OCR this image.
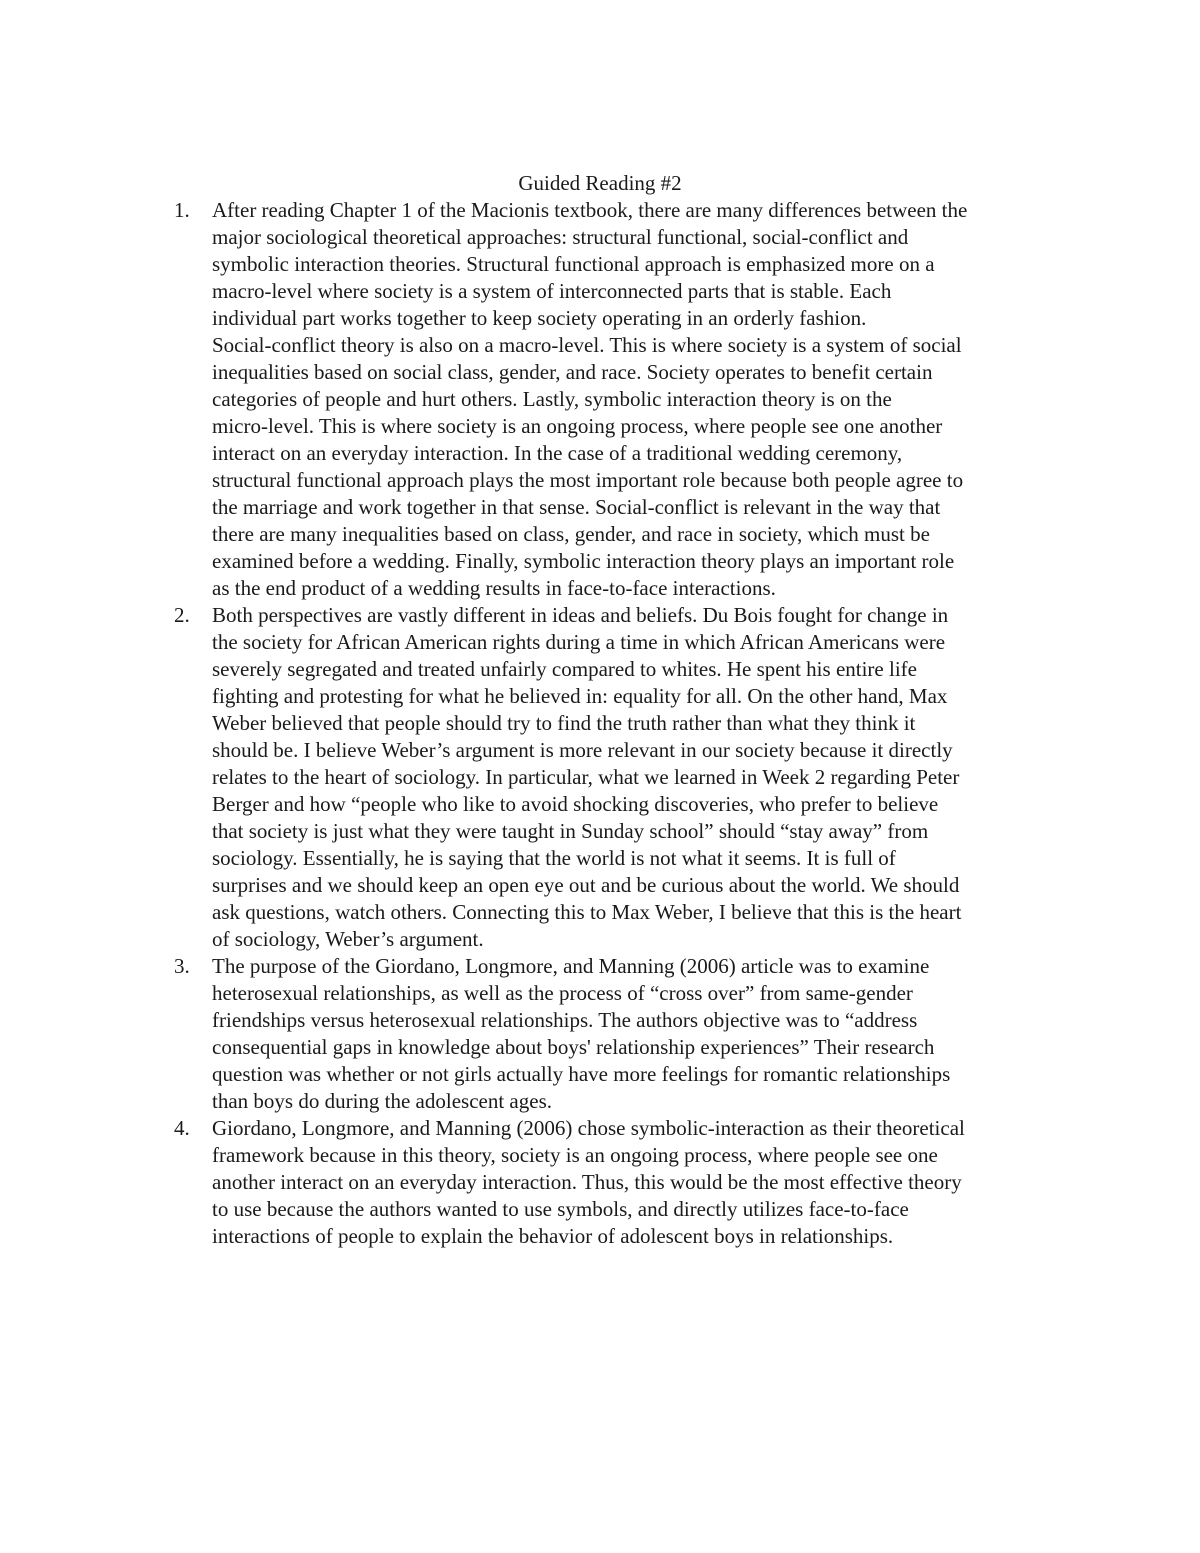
Guided Reading #2
1.	After reading Chapter 1 of the Macionis textbook, there are many differences between the
major sociological theoretical approaches: structural functional, social-conflict and
symbolic interaction theories. Structural functional approach is emphasized more on a
macro-level where society is a system of interconnected parts that is stable. Each
individual part works together to keep society operating in an orderly fashion.
Social-conflict theory is also on a macro-level. This is where society is a system of social
inequalities based on social class, gender, and race. Society operates to benefit certain
categories of people and hurt others. Lastly, symbolic interaction theory is on the
micro-level. This is where society is an ongoing process, where people see one another
interact on an everyday interaction. In the case of a traditional wedding ceremony,
structural functional approach plays the most important role because both people agree to
the marriage and work together in that sense. Social-conflict is relevant in the way that
there are many inequalities based on class, gender, and race in society, which must be
examined before a wedding. Finally, symbolic interaction theory plays an important role
as the end product of a wedding results in face-to-face interactions.
2.	Both perspectives are vastly different in ideas and beliefs. Du Bois fought for change in
the society for African American rights during a time in which African Americans were
severely segregated and treated unfairly compared to whites. He spent his entire life
fighting and protesting for what he believed in: equality for all. On the other hand, Max
Weber believed that people should try to find the truth rather than what they think it
should be. I believe Weber’s argument is more relevant in our society because it directly
relates to the heart of sociology. In particular, what we learned in Week 2 regarding Peter
Berger and how “people who like to avoid shocking discoveries, who prefer to believe
that society is just what they were taught in Sunday school” should “stay away” from
sociology. Essentially, he is saying that the world is not what it seems. It is full of
surprises and we should keep an open eye out and be curious about the world. We should
ask questions, watch others. Connecting this to Max Weber, I believe that this is the heart
of sociology, Weber’s argument.
3.	The purpose of the Giordano, Longmore, and Manning (2006) article was to examine
heterosexual relationships, as well as the process of “cross over” from same-gender
friendships versus heterosexual relationships. The authors objective was to “address
consequential gaps in knowledge about boys' relationship experiences” Their research
question was whether or not girls actually have more feelings for romantic relationships
than boys do during the adolescent ages.
4.	Giordano, Longmore, and Manning (2006) chose symbolic-interaction as their theoretical
framework because in this theory, society is an ongoing process, where people see one
another interact on an everyday interaction. Thus, this would be the most effective theory
to use because the authors wanted to use symbols, and directly utilizes face-to-face
interactions of people to explain the behavior of adolescent boys in relationships.
